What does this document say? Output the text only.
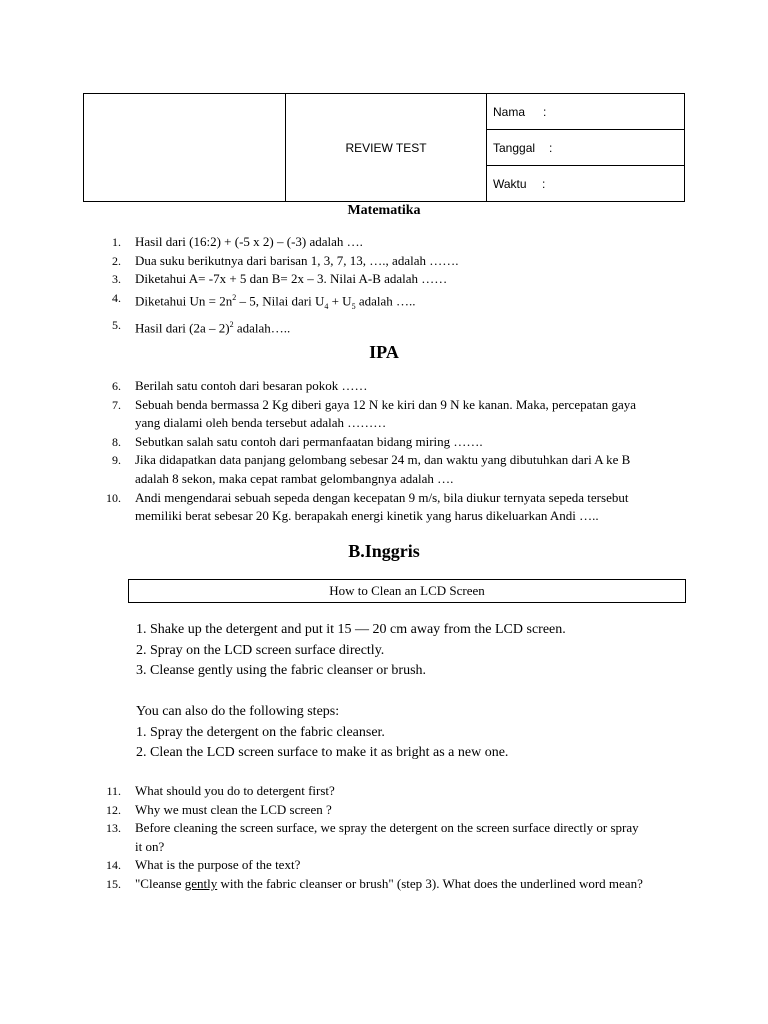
	REVIEW TEST	Nama :
Tanggal :
Waktu :
Matematika
1. Hasil dari (16:2) + (-5 x 2) – (-3) adalah ….
2. Dua suku berikutnya dari barisan 1, 3, 7, 13, …., adalah …….
3. Diketahui A= -7x + 5 dan B= 2x – 3. Nilai A-B adalah ……
4. Diketahui $Un = 2n^2 - 5$, Nilai dari $U_4 + U_5$ adalah …..
5. Hasil dari (2a – 2)$^2$ adalah…..
IPA
6. Berilah satu contoh dari besaran pokok ……
7. Sebuah benda bermassa 2 Kg diberi gaya 12 N ke kiri dan 9 N ke kanan. Maka, percepatan gaya
yang dialami oleh benda tersebut adalah ………
8. Sebutkan salah satu contoh dari permanfaatan bidang miring …….
9. Jika didapatkan data panjang gelombang sebesar 24 m, dan waktu yang dibutuhkan dari A ke B
adalah 8 sekon, maka cepat rambat gelombangnya adalah ….
10. Andi mengendarai sebuah sepeda dengan kecepatan 9 m/s, bila diukur ternyata sepeda tersebut
memiliki berat sebesar 20 Kg. berapakah energi kinetik yang harus dikeluarkan Andi …..
B.Inggris
How to Clean an LCD Screen
1. Shake up the detergent and put it 15 — 20 cm away from the LCD screen.
2. Spray on the LCD screen surface directly.
3. Cleanse gently using the fabric cleanser or brush.
You can also do the following steps:
1. Spray the detergent on the fabric cleanser.
2. Clean the LCD screen surface to make it as bright as a new one.
11. What should you do to detergent first?
12. Why we must clean the LCD screen ?
13. Before cleaning the screen surface, we spray the detergent on the screen surface directly or spray
it on?
14. What is the purpose of the text?
15. "Cleanse gently with the fabric cleanser or brush" (step 3). What does the underlined word mean?
